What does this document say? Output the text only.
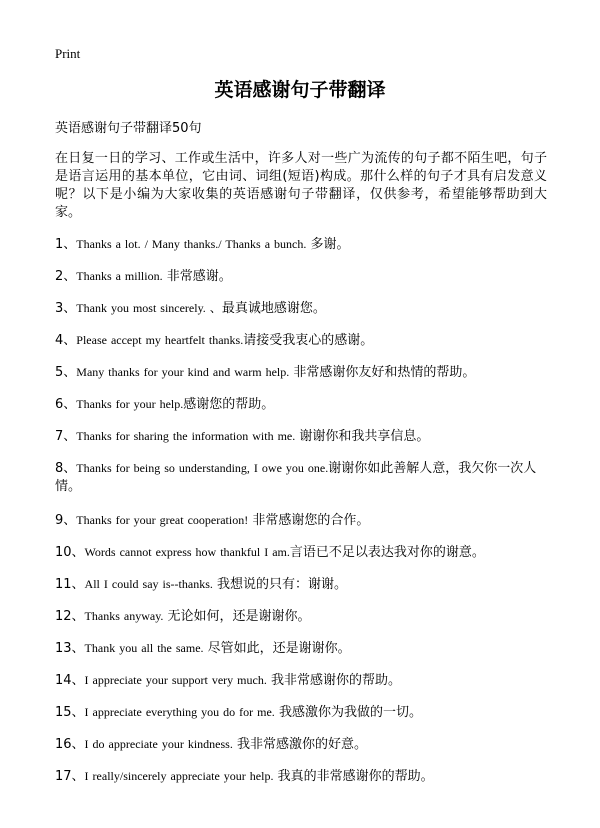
Print
英语感谢句子带翻译
英语感谢句子带翻译50句
在日复一日的学习、工作或生活中，许多人对一些广为流传的句子都不陌生吧，句子是语言运用的基本单位，它由词、词组(短语)构成。那什么样的句子才具有启发意义呢？以下是小编为大家收集的英语感谢句子带翻译，仅供参考，希望能够帮助到大家。
1、Thanks a lot. / Many thanks./ Thanks a bunch. 多谢。
2、Thanks a million. 非常感谢。
3、Thank you most sincerely. 、最真诚地感谢您。
4、Please accept my heartfelt thanks.请接受我衷心的感谢。
5、Many thanks for your kind and warm help. 非常感谢你友好和热情的帮助。
6、Thanks for your help.感谢您的帮助。
7、Thanks for sharing the information with me. 谢谢你和我共享信息。
8、Thanks for being so understanding, I owe you one.谢谢你如此善解人意，我欠你一次人情。
9、Thanks for your great cooperation! 非常感谢您的合作。
10、Words cannot express how thankful I am.言语已不足以表达我对你的谢意。
11、All I could say is--thanks. 我想说的只有：谢谢。
12、Thanks anyway. 无论如何，还是谢谢你。
13、Thank you all the same. 尽管如此，还是谢谢你。
14、I appreciate your support very much. 我非常感谢你的帮助。
15、I appreciate everything you do for me. 我感激你为我做的一切。
16、I do appreciate your kindness. 我非常感激你的好意。
17、I really/sincerely appreciate your help. 我真的非常感谢你的帮助。
